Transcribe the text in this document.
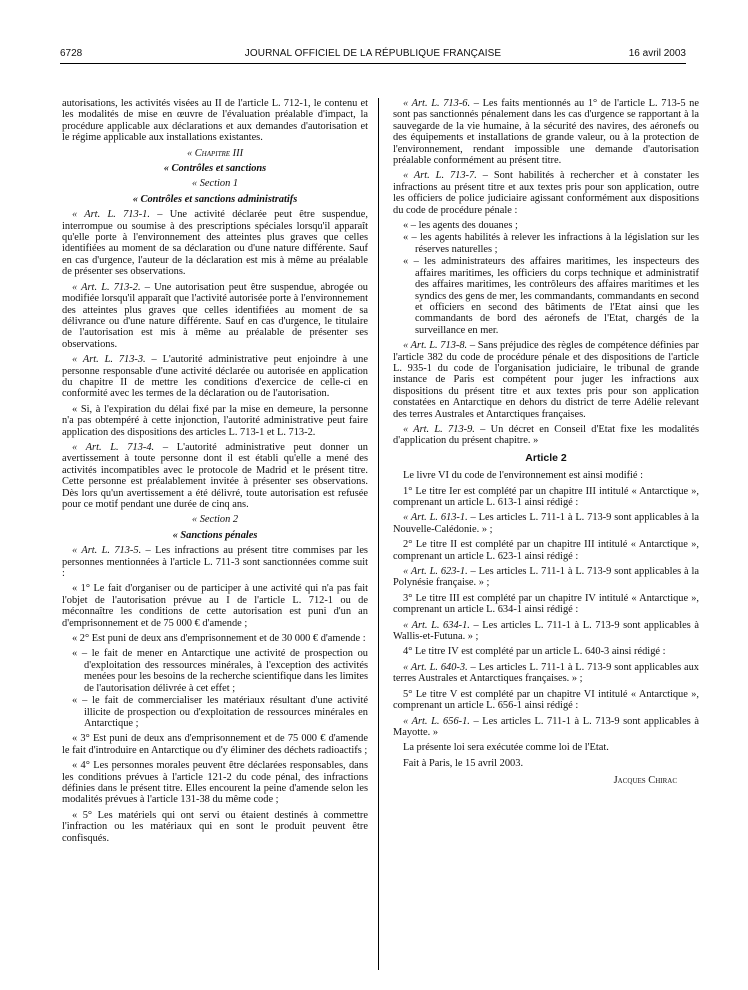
6728	JOURNAL OFFICIEL DE LA RÉPUBLIQUE FRANÇAISE	16 avril 2003

autorisations, les activités visées au II de l'article L. 712-1, le contenu et les modalités de mise en œuvre de l'évaluation préalable d'impact, la procédure applicable aux déclarations et aux demandes d'autorisation et le régime applicable aux installations existantes.

« Chapitre III

« Contrôles et sanctions

« Section 1

« Contrôles et sanctions administratifs

« Art. L. 713-1. – Une activité déclarée peut être suspendue, interrompue ou soumise à des prescriptions spéciales lorsqu'il apparaît qu'elle porte à l'environnement des atteintes plus graves que celles identifiées au moment de sa déclaration ou d'une nature différente. Sauf en cas d'urgence, l'auteur de la déclaration est mis à même au préalable de présenter ses observations.

« Art. L. 713-2. – Une autorisation peut être suspendue, abrogée ou modifiée lorsqu'il apparaît que l'activité autorisée porte à l'environnement des atteintes plus graves que celles identifiées au moment de sa délivrance ou d'une nature différente. Sauf en cas d'urgence, le titulaire de l'autorisation est mis à même au préalable de présenter ses observations.

« Art. L. 713-3. – L'autorité administrative peut enjoindre à une personne responsable d'une activité déclarée ou autorisée en application du chapitre II de mettre les conditions d'exercice de celle-ci en conformité avec les termes de la déclaration ou de l'autorisation.

« Si, à l'expiration du délai fixé par la mise en demeure, la personne n'a pas obtempéré à cette injonction, l'autorité administrative peut faire application des dispositions des articles L. 713-1 et L. 713-2.

« Art. L. 713-4. – L'autorité administrative peut donner un avertissement à toute personne dont il est établi qu'elle a mené des activités incompatibles avec le protocole de Madrid et le présent titre. Cette personne est préalablement invitée à présenter ses observations. Dès lors qu'un avertissement a été délivré, toute autorisation est refusée pour ce motif pendant une durée de cinq ans.

« Section 2

« Sanctions pénales

« Art. L. 713-5. – Les infractions au présent titre commises par les personnes mentionnées à l'article L. 711-3 sont sanctionnées comme suit :

« 1° Le fait d'organiser ou de participer à une activité qui n'a pas fait l'objet de l'autorisation prévue au I de l'article L. 712-1 ou de méconnaître les conditions de cette autorisation est puni d'un an d'emprisonnement et de 75 000 € d'amende ;

« 2° Est puni de deux ans d'emprisonnement et de 30 000 € d'amende :

« – le fait de mener en Antarctique une activité de prospection ou d'exploitation des ressources minérales, à l'exception des activités menées pour les besoins de la recherche scientifique dans les limites de l'autorisation délivrée à cet effet ;
« – le fait de commercialiser les matériaux résultant d'une activité illicite de prospection ou d'exploitation de ressources minérales en Antarctique ;

« 3° Est puni de deux ans d'emprisonnement et de 75 000 € d'amende le fait d'introduire en Antarctique ou d'y éliminer des déchets radioactifs ;

« 4° Les personnes morales peuvent être déclarées responsables, dans les conditions prévues à l'article 121-2 du code pénal, des infractions définies dans le présent titre. Elles encourent la peine d'amende selon les modalités prévues à l'article 131-38 du même code ;

« 5° Les matériels qui ont servi ou étaient destinés à commettre l'infraction ou les matériaux qui en sont le produit peuvent être confisqués.

« Art. L. 713-6. – Les faits mentionnés au 1° de l'article L. 713-5 ne sont pas sanctionnés pénalement dans les cas d'urgence se rapportant à la sauvegarde de la vie humaine, à la sécurité des navires, des aéronefs ou des équipements et installations de grande valeur, ou à la protection de l'environnement, rendant impossible une demande d'autorisation préalable conformément au présent titre.

« Art. L. 713-7. – Sont habilités à rechercher et à constater les infractions au présent titre et aux textes pris pour son application, outre les officiers de police judiciaire agissant conformément aux dispositions du code de procédure pénale :

« – les agents des douanes ;
« – les agents habilités à relever les infractions à la législation sur les réserves naturelles ;
« – les administrateurs des affaires maritimes, les inspecteurs des affaires maritimes, les officiers du corps technique et administratif des affaires maritimes, les contrôleurs des affaires maritimes et les syndics des gens de mer, les commandants, commandants en second et officiers en second des bâtiments de l'Etat ainsi que les commandants de bord des aéronefs de l'Etat, chargés de la surveillance en mer.

« Art. L. 713-8. – Sans préjudice des règles de compétence définies par l'article 382 du code de procédure pénale et des dispositions de l'article L. 935-1 du code de l'organisation judiciaire, le tribunal de grande instance de Paris est compétent pour juger les infractions aux dispositions du présent titre et aux textes pris pour son application constatées en Antarctique en dehors du district de terre Adélie relevant des terres Australes et Antarctiques françaises.

« Art. L. 713-9. – Un décret en Conseil d'Etat fixe les modalités d'application du présent chapitre. »

Article 2

Le livre VI du code de l'environnement est ainsi modifié :

1° Le titre Ier est complété par un chapitre III intitulé « Antarctique », comprenant un article L. 613-1 ainsi rédigé :

« Art. L. 613-1. – Les articles L. 711-1 à L. 713-9 sont applicables à la Nouvelle-Calédonie. » ;

2° Le titre II est complété par un chapitre III intitulé « Antarctique », comprenant un article L. 623-1 ainsi rédigé :

« Art. L. 623-1. – Les articles L. 711-1 à L. 713-9 sont applicables à la Polynésie française. » ;

3° Le titre III est complété par un chapitre IV intitulé « Antarctique », comprenant un article L. 634-1 ainsi rédigé :

« Art. L. 634-1. – Les articles L. 711-1 à L. 713-9 sont applicables à Wallis-et-Futuna. » ;

4° Le titre IV est complété par un article L. 640-3 ainsi rédigé :

« Art. L. 640-3. – Les articles L. 711-1 à L. 713-9 sont applicables aux terres Australes et Antarctiques françaises. » ;

5° Le titre V est complété par un chapitre VI intitulé « Antarctique », comprenant un article L. 656-1 ainsi rédigé :

« Art. L. 656-1. – Les articles L. 711-1 à L. 713-9 sont applicables à Mayotte. »

La présente loi sera exécutée comme loi de l'Etat.

Fait à Paris, le 15 avril 2003.

Jacques Chirac
